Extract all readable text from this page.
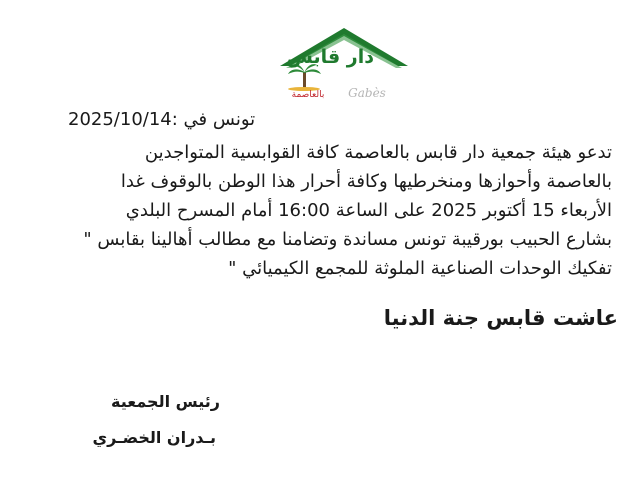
دار قابس
بالعاصمة	Gabès
تونس في :2025/10/14

تدعو هيئة جمعية دار قابس بالعاصمة كافة القوابسية المتواجدين

بالعاصمة وأحوازها ومنخرطيها وكافة أحرار هذا الوطن بالوقوف غدا

الأربعاء 15 أكتوبر 2025 على الساعة 16:00 أمام المسرح البلدي

بشارع الحبيب بورقيبة تونس مساندة وتضامنا مع مطالب أهالينا بقابس "

تفكيك الوحدات الصناعية الملوثة للمجمع الكيميائي "

عاشت قابس جنة الدنيا
رئيس الجمعية
بـدران الخضـري
